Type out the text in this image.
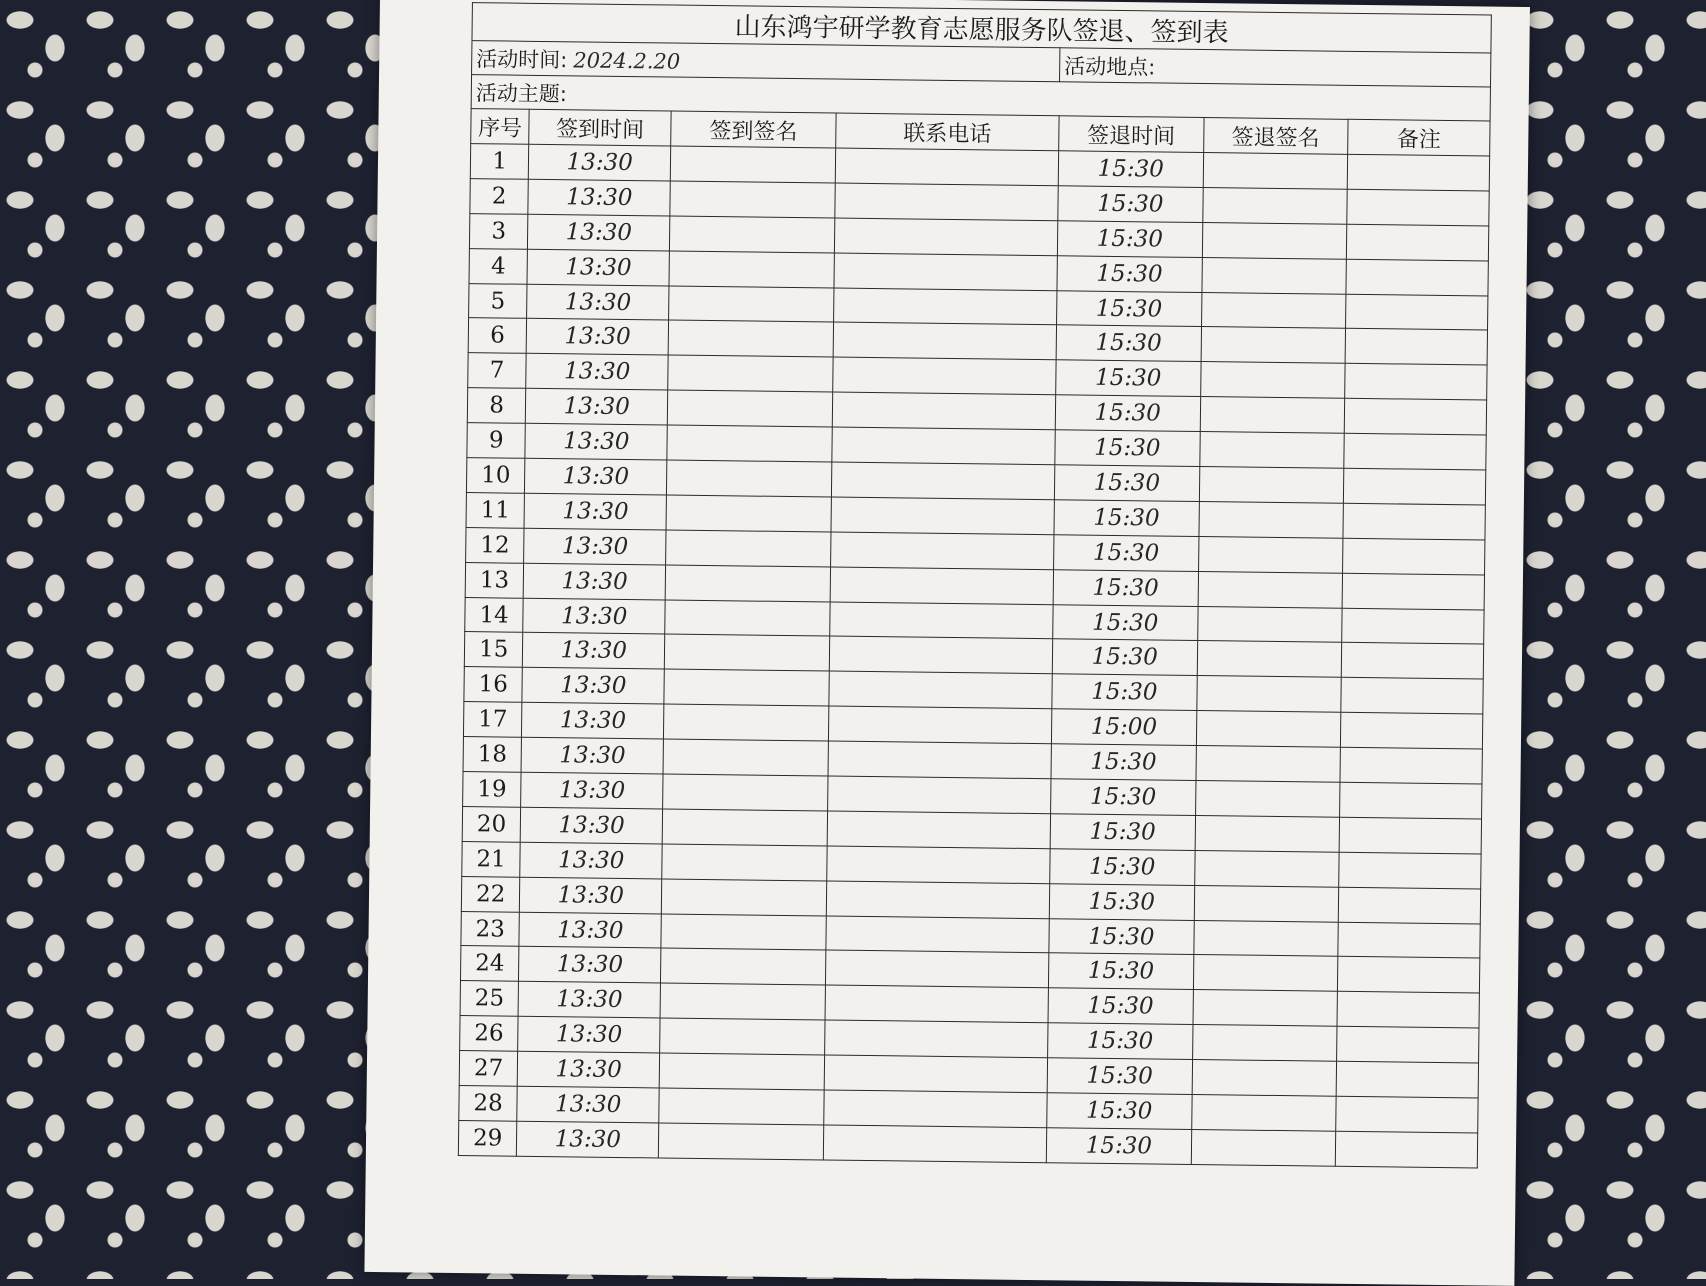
山东鸿宇研学教育志愿服务队签退、签到表						
活动时间: 2024.2.20				活动地点:		
活动主题:						
序号	签到时间	签到签名	联系电话	签退时间	签退签名	备注
1	13:30			15:30		
2	13:30			15:30		
3	13:30			15:30		
4	13:30			15:30		
5	13:30			15:30		
6	13:30			15:30		
7	13:30			15:30		
8	13:30			15:30		
9	13:30			15:30		
10	13:30			15:30		
11	13:30			15:30		
12	13:30			15:30		
13	13:30			15:30		
14	13:30			15:30		
15	13:30			15:30		
16	13:30			15:30		
17	13:30			15:00		
18	13:30			15:30		
19	13:30			15:30		
20	13:30			15:30		
21	13:30			15:30		
22	13:30			15:30		
23	13:30			15:30		
24	13:30			15:30		
25	13:30			15:30		
26	13:30			15:30		
27	13:30			15:30		
28	13:30			15:30		
29	13:30			15:30		
